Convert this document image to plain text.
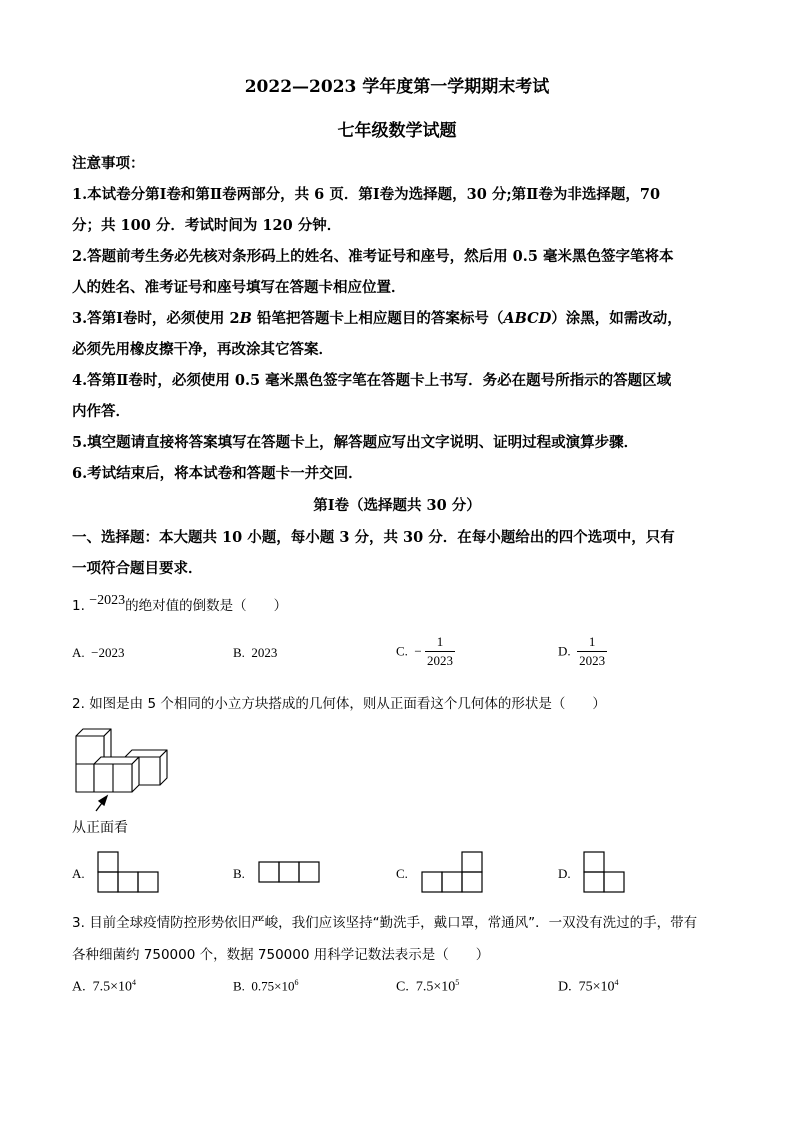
2022—2023 学年度第一学期期末考试
七年级数学试题
注意事项：
1.本试卷分第Ⅰ卷和第Ⅱ卷两部分，共 6 页．第Ⅰ卷为选择题，30 分;第Ⅱ卷为非选择题，70
分；共 100 分．考试时间为 120 分钟．
2.答题前考生务必先核对条形码上的姓名、准考证号和座号，然后用 0.5 毫米黑色签字笔将本
人的姓名、准考证号和座号填写在答题卡相应位置．
3.答第Ⅰ卷时，必须使用 2B 铅笔把答题卡上相应题目的答案标号（ABCD）涂黑，如需改动，
必须先用橡皮擦干净，再改涂其它答案．
4.答第Ⅱ卷时，必须使用 0.5 毫米黑色签字笔在答题卡上书写．务必在题号所指示的答题区域
内作答．
5.填空题请直接将答案填写在答题卡上，解答题应写出文字说明、证明过程或演算步骤．
6.考试结束后，将本试卷和答题卡一并交回．
第Ⅰ卷（选择题共 30 分）
一、选择题：本大题共 10 小题，每小题 3 分，共 30 分．在每小题给出的四个选项中，只有
一项符合题目要求．
1. −2023的绝对值的倒数是（　　）
A. −2023	B. 2023	C. − $\frac{1}{2023}$	D. $\frac{1}{2023}$
2. 如图是由 5 个相同的小立方块搭成的几何体，则从正面看这个几何体的形状是（　　）
从正面看
A.	B.	C.	D.
3. 目前全球疫情防控形势依旧严峻，我们应该坚持“勤洗手，戴口罩，常通风”．一双没有洗过的手，带有
各种细菌约 750000 个，数据 750000 用科学记数法表示是（　　）
A. $7.5\times 10^4$	B. $0.75\times 10^6$	C. $7.5\times 10^5$	D. $75\times 10^4$
